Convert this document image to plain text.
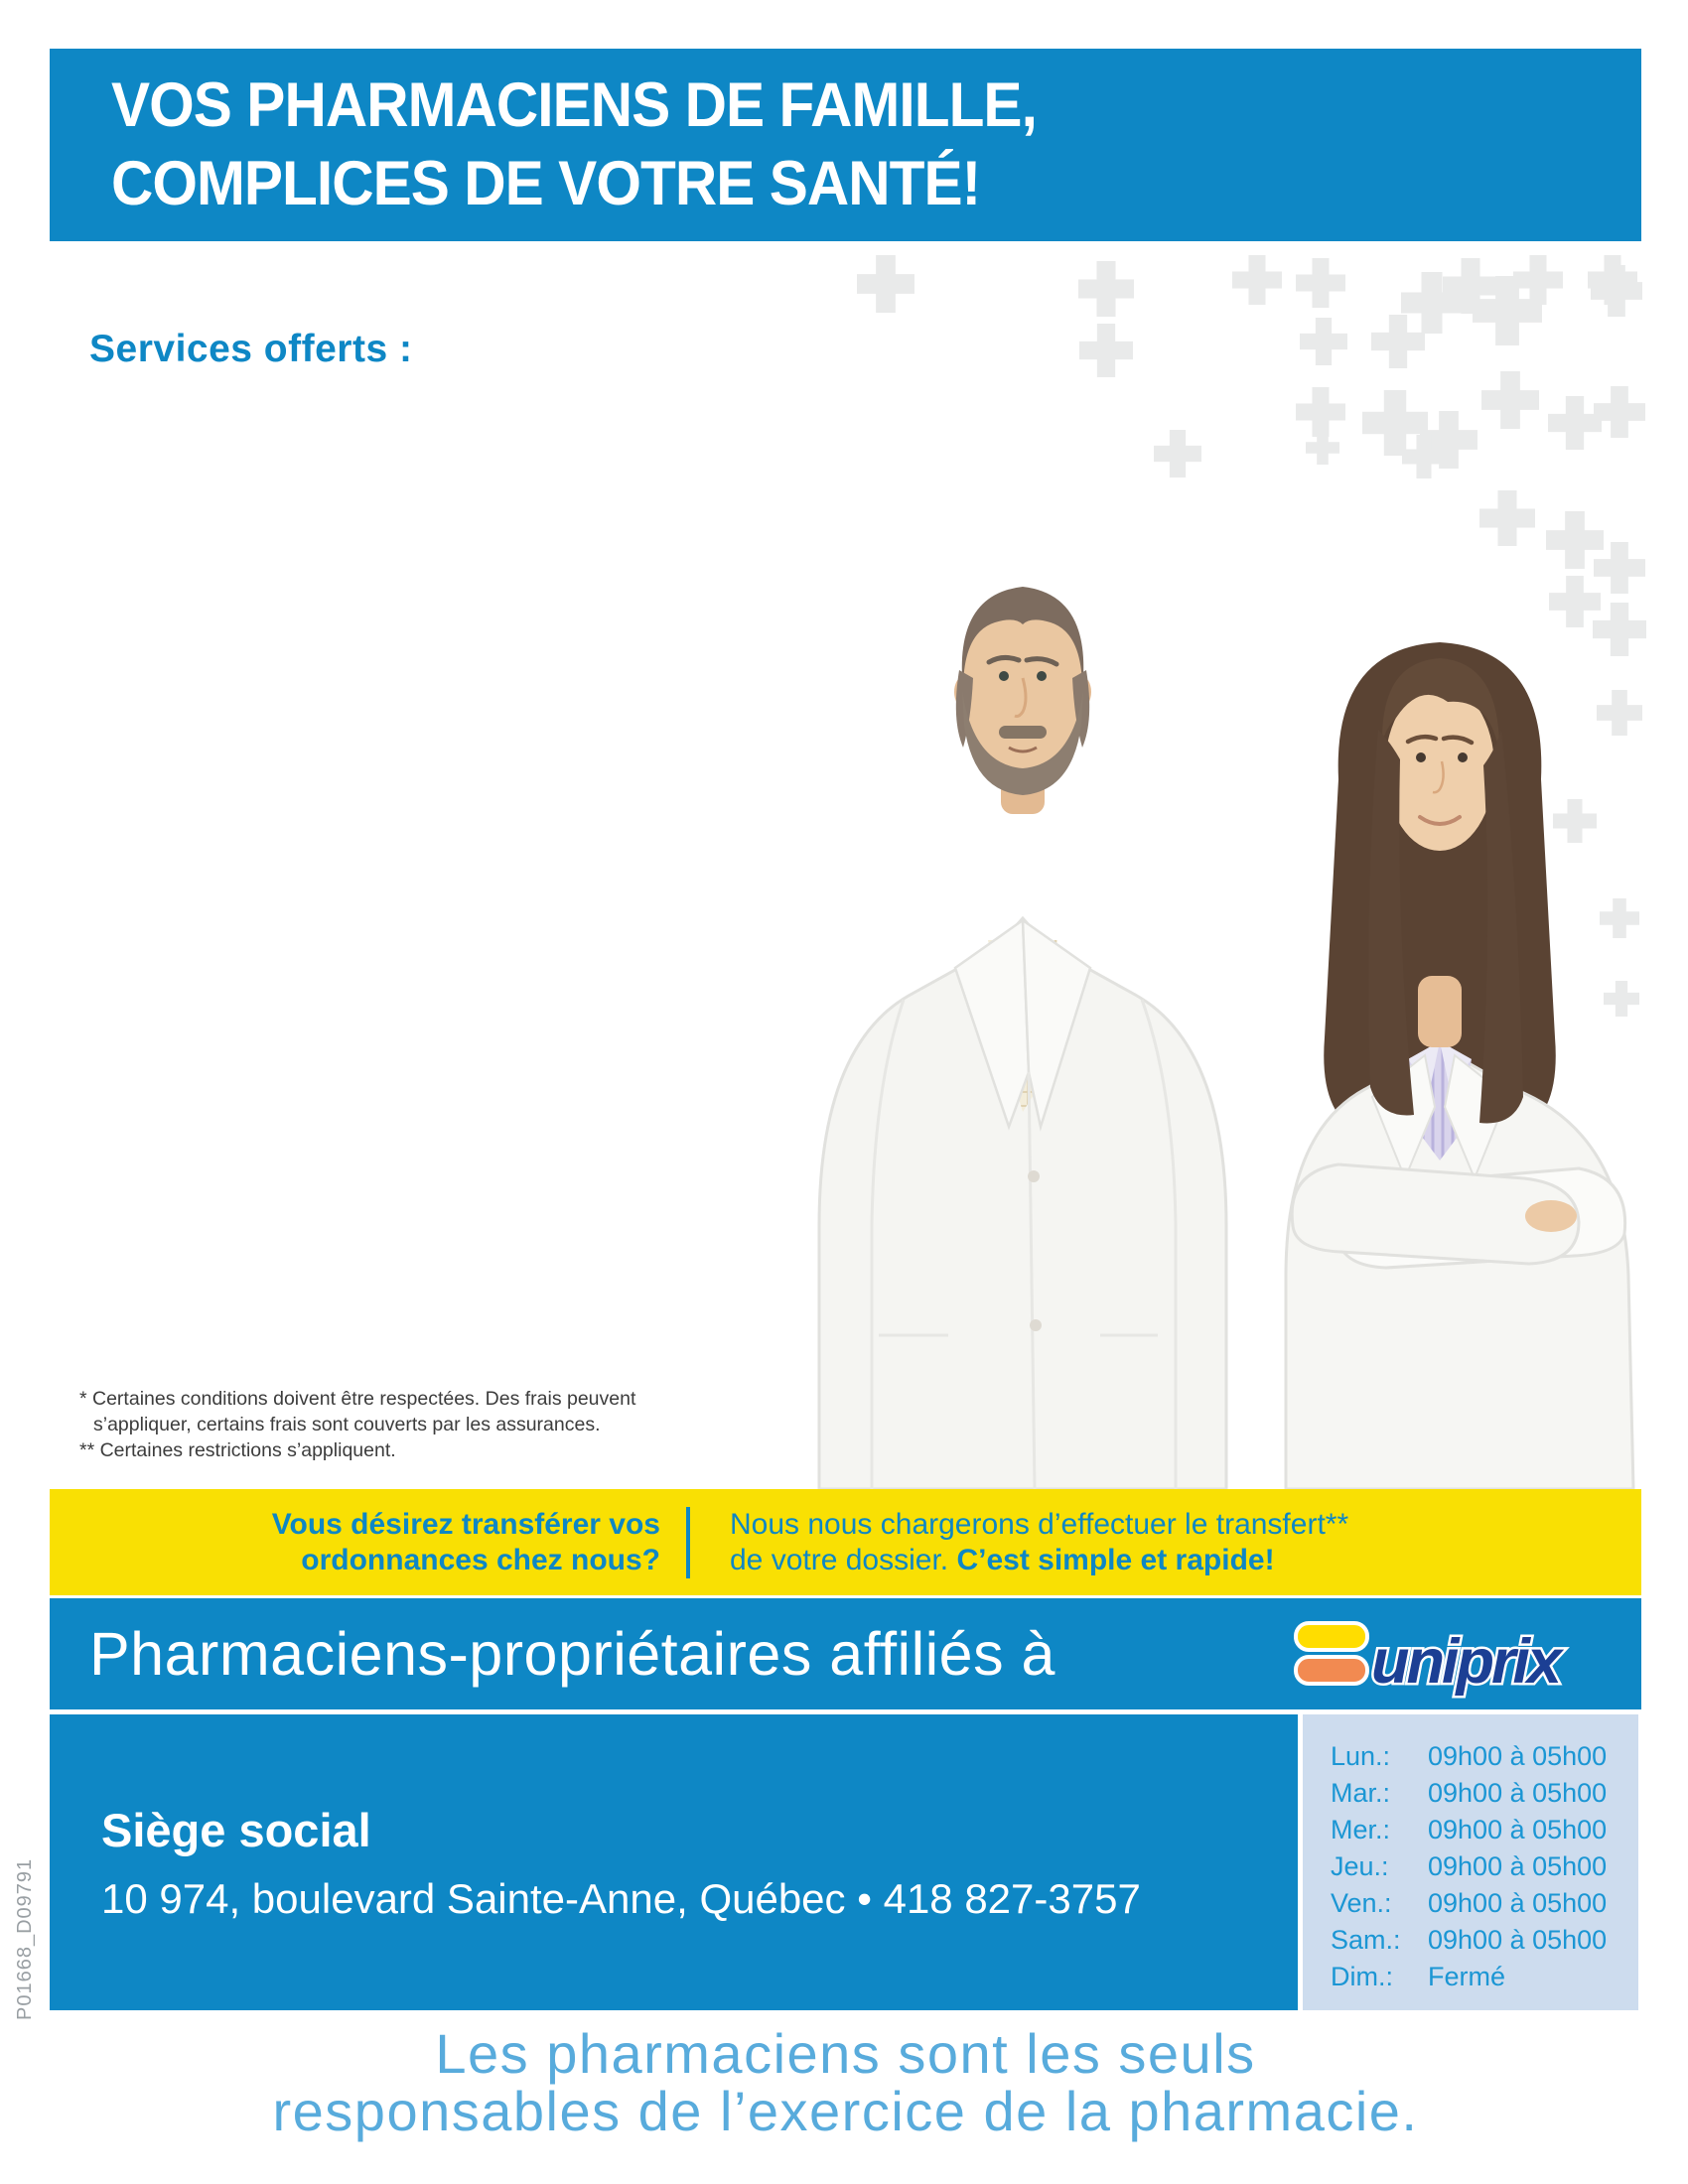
VOS PHARMACIENS DE FAMILLE,
COMPLICES DE VOTRE SANTÉ!
Services offerts :
* Certaines conditions doivent être respectées. Des frais peuvent
s’appliquer, certains frais sont couverts par les assurances.
** Certaines restrictions s’appliquent.
Vous désirez transférer vos
ordonnances chez nous?
Nous nous chargerons d’effectuer le transfert**
de votre dossier. C’est simple et rapide!
Pharmaciens-propriétaires affiliés à	uniprix
Siège social
10 974, boulevard Sainte-Anne, Québec • 418 827-3757
Lun.:	09h00 à 05h00
Mar.:	09h00 à 05h00
Mer.:	09h00 à 05h00
Jeu.:	09h00 à 05h00
Ven.:	09h00 à 05h00
Sam.:	09h00 à 05h00
Dim.:	Fermé
Les pharmaciens sont les seuls
responsables de l’exercice de la pharmacie.
P01668_D09791
